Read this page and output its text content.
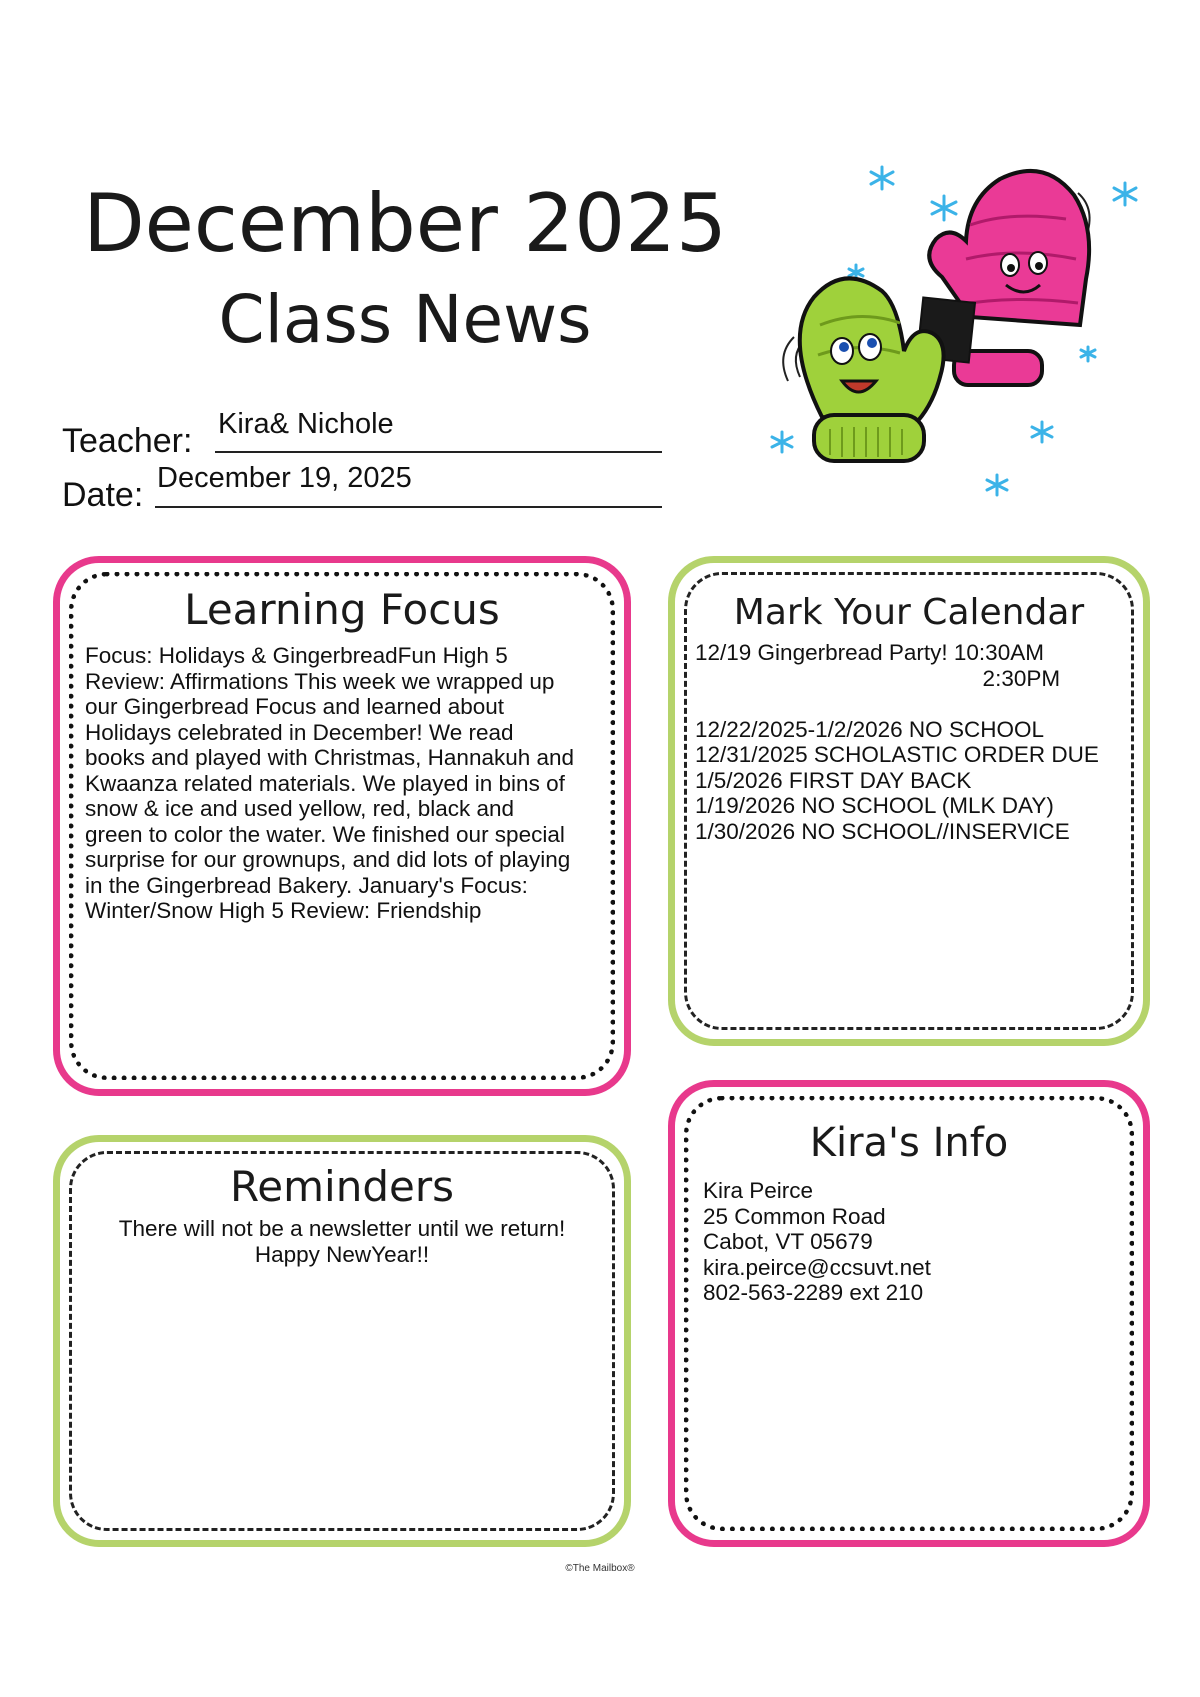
December 2025
Class News
Teacher: Kira& Nichole
Date: December 19, 2025
Learning Focus
Focus: Holidays & GingerbreadFun High 5
Review: Affirmations This week we wrapped up
our Gingerbread Focus and learned about
Holidays celebrated in December! We read
books and played with Christmas, Hannakuh and
Kwaanza related materials. We played in bins of
snow & ice and used yellow, red, black and
green to color the water. We finished our special
surprise for our grownups, and did lots of playing
in the Gingerbread Bakery. January's Focus:
Winter/Snow High 5 Review: Friendship
Mark Your Calendar
12/19 Gingerbread Party! 10:30AM
2:30PM
12/22/2025-1/2/2026 NO SCHOOL
12/31/2025 SCHOLASTIC ORDER DUE
1/5/2026 FIRST DAY BACK
1/19/2026 NO SCHOOL (MLK DAY)
1/30/2026 NO SCHOOL//INSERVICE
Reminders
There will not be a newsletter until we return!
Happy NewYear!!
Kira's Info
Kira Peirce
25 Common Road
Cabot, VT 05679
kira.peirce@ccsuvt.net
802-563-2289 ext 210
©The Mailbox®
